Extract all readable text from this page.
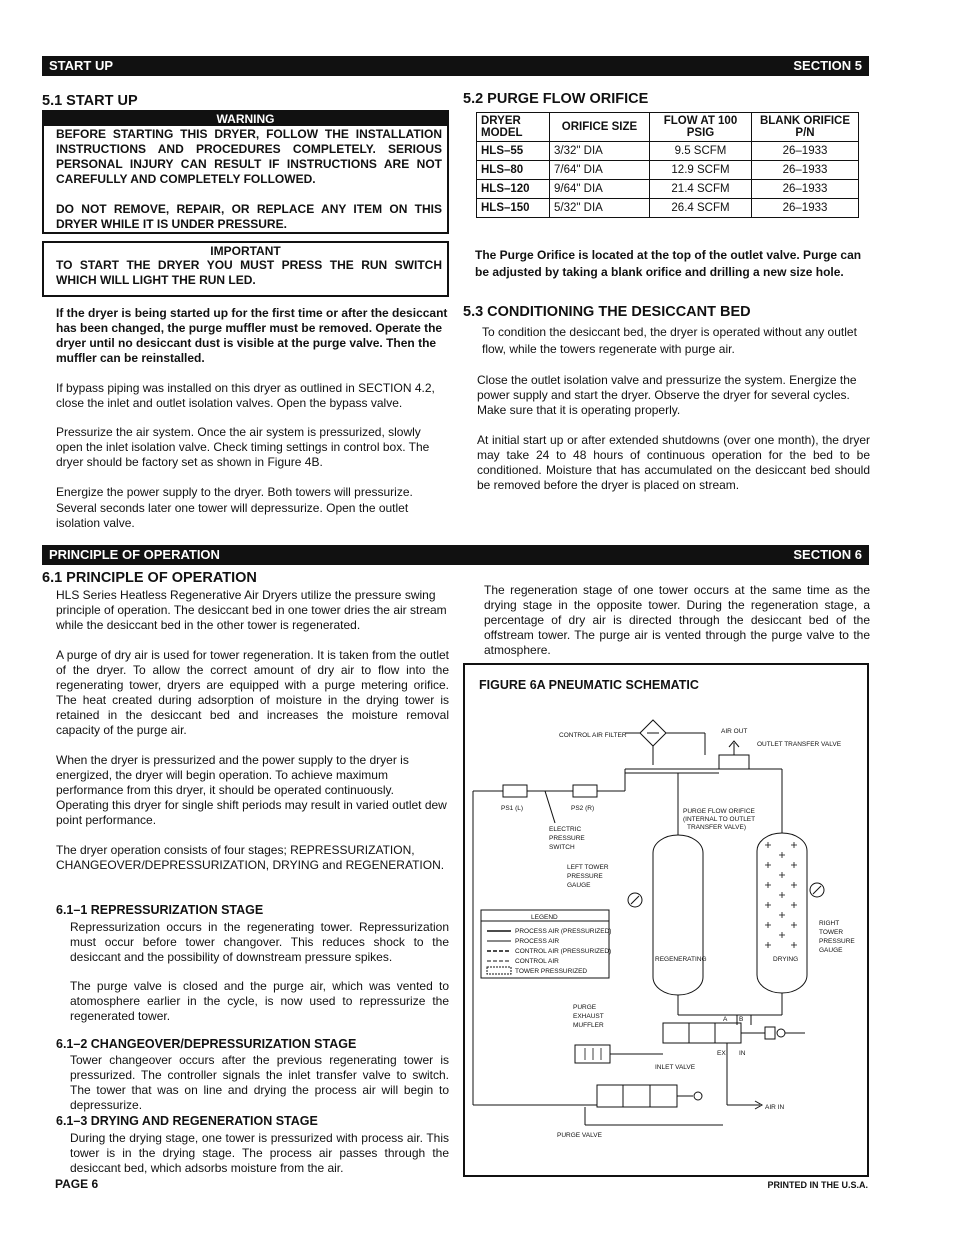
START UP	SECTION 5
5.1 START UP
WARNING
BEFORE STARTING THIS DRYER, FOLLOW THE INSTALLATION INSTRUCTIONS AND PROCEDURES COMPLETELY. SERIOUS PERSONAL INJURY CAN RESULT IF INSTRUCTIONS ARE NOT CAREFULLY AND COMPLETELY FOLLOWED.
DO NOT REMOVE, REPAIR, OR REPLACE ANY ITEM ON THIS DRYER WHILE IT IS UNDER PRESSURE.
IMPORTANT
TO START THE DRYER YOU MUST PRESS THE RUN SWITCH WHICH WILL LIGHT THE RUN LED.

If the dryer is being started up for the first time or after the desiccant has been changed, the purge muffler must be removed. Operate the dryer until no desiccant dust is visible at the purge valve. Then the muffler can be reinstalled.

If bypass piping was installed on this dryer as outlined in SECTION 4.2, close the inlet and outlet isolation valves. Open the bypass valve.

Pressurize the air system. Once the air system is pressurized, slowly open the inlet isolation valve. Check timing settings in control box. The dryer should be factory set as shown in Figure 4B.

Energize the power supply to the dryer. Both towers will pressurize. Several seconds later one tower will depressurize. Open the outlet isolation valve.

5.2 PURGE FLOW ORIFICE
DRYER MODEL	ORIFICE SIZE	FLOW AT 100 PSIG	BLANK ORIFICE P/N
HLS–55	3/32" DIA	9.5 SCFM	26–1933
HLS–80	7/64" DIA	12.9 SCFM	26–1933
HLS–120	9/64" DIA	21.4 SCFM	26–1933
HLS–150	5/32" DIA	26.4 SCFM	26–1933

The Purge Orifice is located at the top of the outlet valve. Purge can be adjusted by taking a blank orifice and drilling a new size hole.

5.3 CONDITIONING THE DESICCANT BED

To condition the desiccant bed, the dryer is operated without any outlet flow, while the towers regenerate with purge air.

Close the outlet isolation valve and pressurize the system. Energize the power supply and start the dryer. Observe the dryer for several cycles. Make sure that it is operating properly.

At initial start up or after extended shutdowns (over one month), the dryer may take 24 to 48 hours of continuous operation for the bed to be conditioned. Moisture that has accumulated on the desiccant bed should be removed before the dryer is placed on stream.

PRINCIPLE OF OPERATION	SECTION 6
6.1 PRINCIPLE OF OPERATION

HLS Series Heatless Regenerative Air Dryers utilize the pressure swing principle of operation. The desiccant bed in one tower dries the air stream while the desiccant bed in the other tower is regenerated.

A purge of dry air is used for tower regeneration. It is taken from the outlet of the dryer. To allow the correct amount of dry air to flow into the regenerating tower, dryers are equipped with a purge metering orifice. The heat created during adsorption of moisture in the drying tower is retained in the desiccant bed and increases the moisture removal capacity of the purge air.

When the dryer is pressurized and the power supply to the dryer is energized, the dryer will begin operation. To achieve maximum performance from this dryer, it should be operated continuously. Operating this dryer for single shift periods may result in varied outlet dew point performance.

The dryer operation consists of four stages; REPRESSURIZATION, CHANGEOVER/DEPRESSURIZATION, DRYING and REGENERATION.

6.1–1 REPRESSURIZATION STAGE

Repressurization occurs in the regenerating tower. Repressurization must occur before tower changover. This reduces shock to the desiccant and the possibility of downstream pressure spikes.

The purge valve is closed and the purge air, which was vented to atomosphere earlier in the cycle, is now used to repressurize the regenerated tower.

6.1–2 CHANGEOVER/DEPRESSURIZATION STAGE

Tower changeover occurs after the previous regenerating tower is pressurized. The controller signals the inlet transfer valve to switch. The tower that was on line and drying the process air will begin to depressurize.

6.1–3 DRYING AND REGENERATION STAGE

During the drying stage, one tower is pressurized with process air. This tower is in the drying stage. The process air passes through the desiccant bed, which adsorbs moisture from the air.

The regeneration stage of one tower occurs at the same time as the drying stage in the opposite tower. During the regeneration stage, a percentage of dry air is directed through the desiccant bed of the offstream tower. The purge air is vented through the purge valve to the atmosphere.

FIGURE 6A PNEUMATIC SCHEMATIC
CONTROL AIR FILTER
AIR OUT
OUTLET TRANSFER VALVE
PS1 (L)	PS2 (R)	PURGE FLOW ORIFICE
(INTERNAL TO OUTLET
TRANSFER VALVE)
ELECTRIC
PRESSURE
SWITCH
LEFT TOWER
PRESSURE
GAUGE
RIGHT
TOWER
PRESSURE
GAUGE
REGENERATING	DRYING
PURGE
EXHAUST
MUFFLER
INLET VALVE
AIR IN
PURGE VALVE
A B
EX IN
LEGEND
PROCESS AIR (PRESSURIZED)
PROCESS AIR
CONTROL AIR (PRESSURIZED)
CONTROL AIR
TOWER PRESSURIZED
PAGE 6	PRINTED IN THE U.S.A.
